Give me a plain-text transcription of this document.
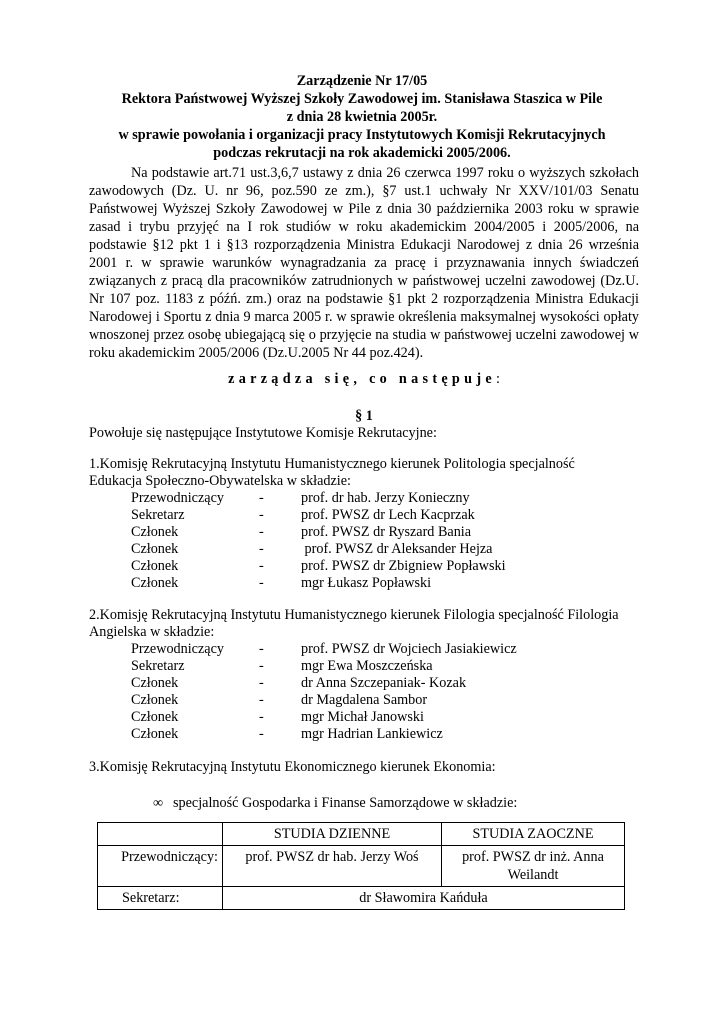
Zarządzenie Nr 17/05
Rektora Państwowej Wyższej Szkoły Zawodowej im. Stanisława Staszica w Pile
z dnia 28 kwietnia 2005r.
w sprawie powołania i organizacji pracy Instytutowych Komisji Rekrutacyjnych
podczas rekrutacji na rok akademicki 2005/2006.

Na podstawie art.71 ust.3,6,7 ustawy z dnia 26 czerwca 1997 roku o wyższych szkołach zawodowych (Dz. U. nr 96, poz.590 ze zm.), §7 ust.1 uchwały Nr XXV/101/03 Senatu Państwowej Wyższej Szkoły Zawodowej w Pile z dnia 30 października 2003 roku w sprawie zasad i trybu przyjęć na I rok studiów w roku akademickim 2004/2005 i 2005/2006, na podstawie §12 pkt 1 i §13 rozporządzenia Ministra Edukacji Narodowej z dnia 26 września 2001 r. w sprawie warunków wynagradzania za pracę i przyznawania innych świadczeń związanych z pracą dla pracowników zatrudnionych w państwowej uczelni zawodowej (Dz.U. Nr 107 poz. 1183 z późń. zm.) oraz na podstawie §1 pkt 2 rozporządzenia Ministra Edukacji Narodowej i Sportu z dnia 9 marca 2005 r. w sprawie określenia maksymalnej wysokości opłaty wnoszonej przez osobę ubiegającą się o przyjęcie na studia w państwowej uczelni zawodowej w roku akademickim 2005/2006 (Dz.U.2005 Nr 44 poz.424).

zarządza się, co następuje:
§ 1
Powołuje się następujące Instytutowe Komisje Rekrutacyjne:
1.Komisję Rekrutacyjną Instytutu Humanistycznego kierunek Politologia specjalność
Edukacja Społeczno-Obywatelska w składzie:
Przewodniczący -	prof. dr hab. Jerzy Konieczny
Sekretarz	-	prof. PWSZ dr Lech Kacprzak
Członek	-	prof. PWSZ dr Ryszard Bania
Członek	-	prof. PWSZ dr Aleksander Hejza
Członek	-	prof. PWSZ dr Zbigniew Popławski
Członek	-	mgr Łukasz Popławski
2.Komisję Rekrutacyjną Instytutu Humanistycznego kierunek Filologia specjalność Filologia
Angielska w składzie:
Przewodniczący -	prof. PWSZ dr Wojciech Jasiakiewicz
Sekretarz	-	mgr Ewa Moszczeńska
Członek	-	dr Anna Szczepaniak- Kozak
Członek	-	dr Magdalena Sambor
Członek	-	mgr Michał Janowski
Członek	-	mgr Hadrian Lankiewicz
3.Komisję Rekrutacyjną Instytutu Ekonomicznego kierunek Ekonomia:
∞ specjalność Gospodarka i Finanse Samorządowe w składzie:
	STUDIA DZIENNE	STUDIA ZAOCZNE
Przewodniczący:	prof. PWSZ dr hab. Jerzy Woś	prof. PWSZ dr inż. Anna Weilandt
Sekretarz:	dr Sławomira Kańduła	
